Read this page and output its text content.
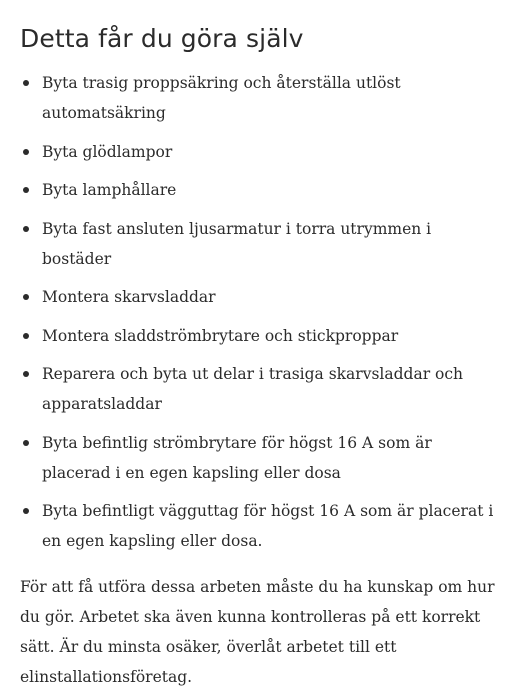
Detta får du göra själv
Byta trasig proppsäkring och återställa utlöst automatsäkring
Byta glödlampor
Byta lamphållare
Byta fast ansluten ljusarmatur i torra utrymmen i bostäder
Montera skarvsladdar
Montera sladdströmbrytare och stickproppar
Reparera och byta ut delar i trasiga skarvsladdar och apparatsladdar
Byta befintlig strömbrytare för högst 16 A som är placerad i en egen kapsling eller dosa
Byta befintligt vägguttag för högst 16 A som är placerat i en egen kapsling eller dosa.

För att få utföra dessa arbeten måste du ha kunskap om hur du gör. Arbetet ska även kunna kontrolleras på ett korrekt sätt. Är du minsta osäker, överlåt arbetet till ett elinstallationsföretag.
